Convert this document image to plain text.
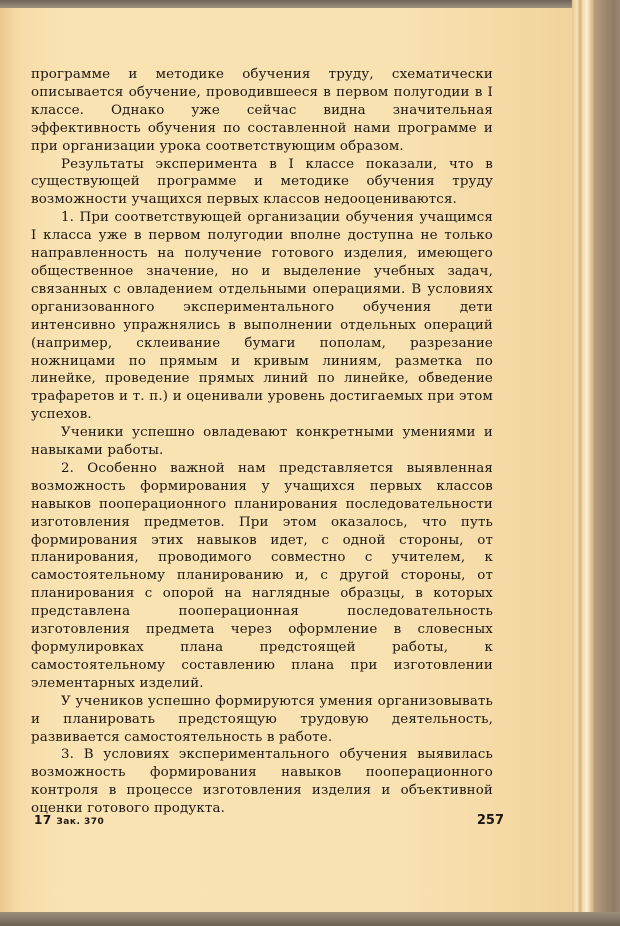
программе и методике обучения труду, схематически описывается обучение, проводившееся в первом полугодии в I классе. Однако уже сейчас видна значительная эффективность обучения по составленной нами программе и при организации урока соответствующим образом.

Результаты эксперимента в I классе показали, что в существующей программе и методике обучения труду возможности учащихся первых классов недооцениваются.

1. При соответствующей организации обучения учащимся I класса уже в первом полугодии вполне доступна не только направленность на получение готового изделия, имеющего общественное значение, но и выделение учебных задач, связанных с овладением отдельными операциями. В условиях организованного экспериментального обучения дети интенсивно упражнялись в выполнении отдельных операций (например, склеивание бумаги пополам, разрезание ножницами по прямым и кривым линиям, разметка по линейке, проведение прямых линий по линейке, обведение трафаретов и т. п.) и оценивали уровень достигаемых при этом успехов.

Ученики успешно овладевают конкретными умениями и навыками работы.

2. Особенно важной нам представляется выявленная возможность формирования у учащихся первых классов навыков пооперационного планирования последовательности изготовления предметов. При этом оказалось, что путь формирования этих навыков идет, с одной стороны, от планирования, проводимого совместно с учителем, к самостоятельному планированию и, с другой стороны, от планирования с опорой на наглядные образцы, в которых представлена пооперационная последовательность изготовления предмета через оформление в словесных формулировках плана предстоящей работы, к самостоятельному составлению плана при изготовлении элементарных изделий.

У учеников успешно формируются умения организовывать и планировать предстоящую трудовую деятельность, развивается самостоятельность в работе.

3. В условиях экспериментального обучения выявилась возможность формирования навыков пооперационного контроля в процессе изготовления изделия и объективной оценки готового продукта.

17 Зак. 370	257
